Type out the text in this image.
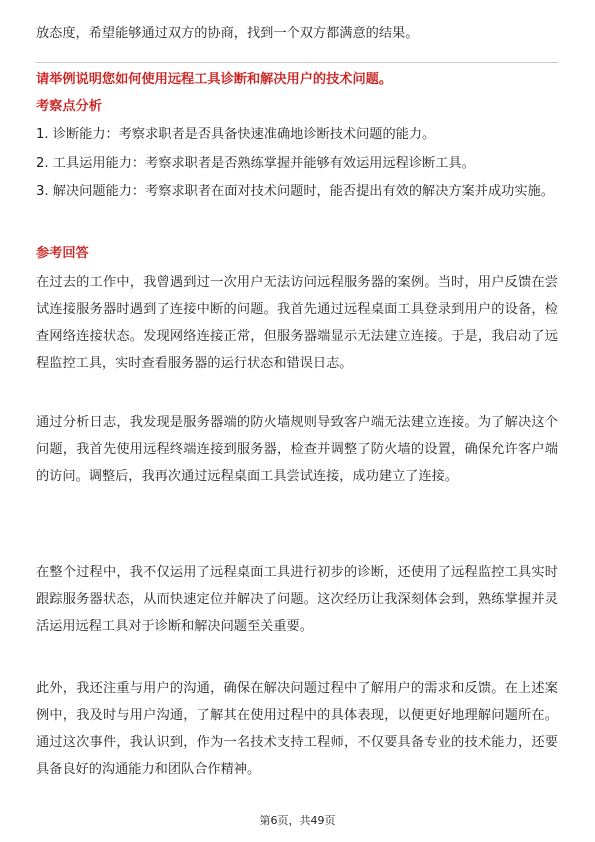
放态度，希望能够通过双方的协商，找到一个双方都满意的结果。

请举例说明您如何使用远程工具诊断和解决用户的技术问题。

考察点分析

1. 诊断能力：考察求职者是否具备快速准确地诊断技术问题的能力。

2. 工具运用能力：考察求职者是否熟练掌握并能够有效运用远程诊断工具。

3. 解决问题能力：考察求职者在面对技术问题时，能否提出有效的解决方案并成功实施。

参考回答

在过去的工作中，我曾遇到过一次用户无法访问远程服务器的案例。当时，用户反馈在尝试连接服务器时遇到了连接中断的问题。我首先通过远程桌面工具登录到用户的设备，检查网络连接状态。发现网络连接正常，但服务器端显示无法建立连接。于是，我启动了远程监控工具，实时查看服务器的运行状态和错误日志。

通过分析日志，我发现是服务器端的防火墙规则导致客户端无法建立连接。为了解决这个问题，我首先使用远程终端连接到服务器，检查并调整了防火墙的设置，确保允许客户端的访问。调整后，我再次通过远程桌面工具尝试连接，成功建立了连接。

在整个过程中，我不仅运用了远程桌面工具进行初步的诊断，还使用了远程监控工具实时跟踪服务器状态，从而快速定位并解决了问题。这次经历让我深刻体会到，熟练掌握并灵活运用远程工具对于诊断和解决问题至关重要。

此外，我还注重与用户的沟通，确保在解决问题过程中了解用户的需求和反馈。在上述案例中，我及时与用户沟通，了解其在使用过程中的具体表现，以便更好地理解问题所在。通过这次事件，我认识到，作为一名技术支持工程师，不仅要具备专业的技术能力，还要具备良好的沟通能力和团队合作精神。

第6页，共49页
